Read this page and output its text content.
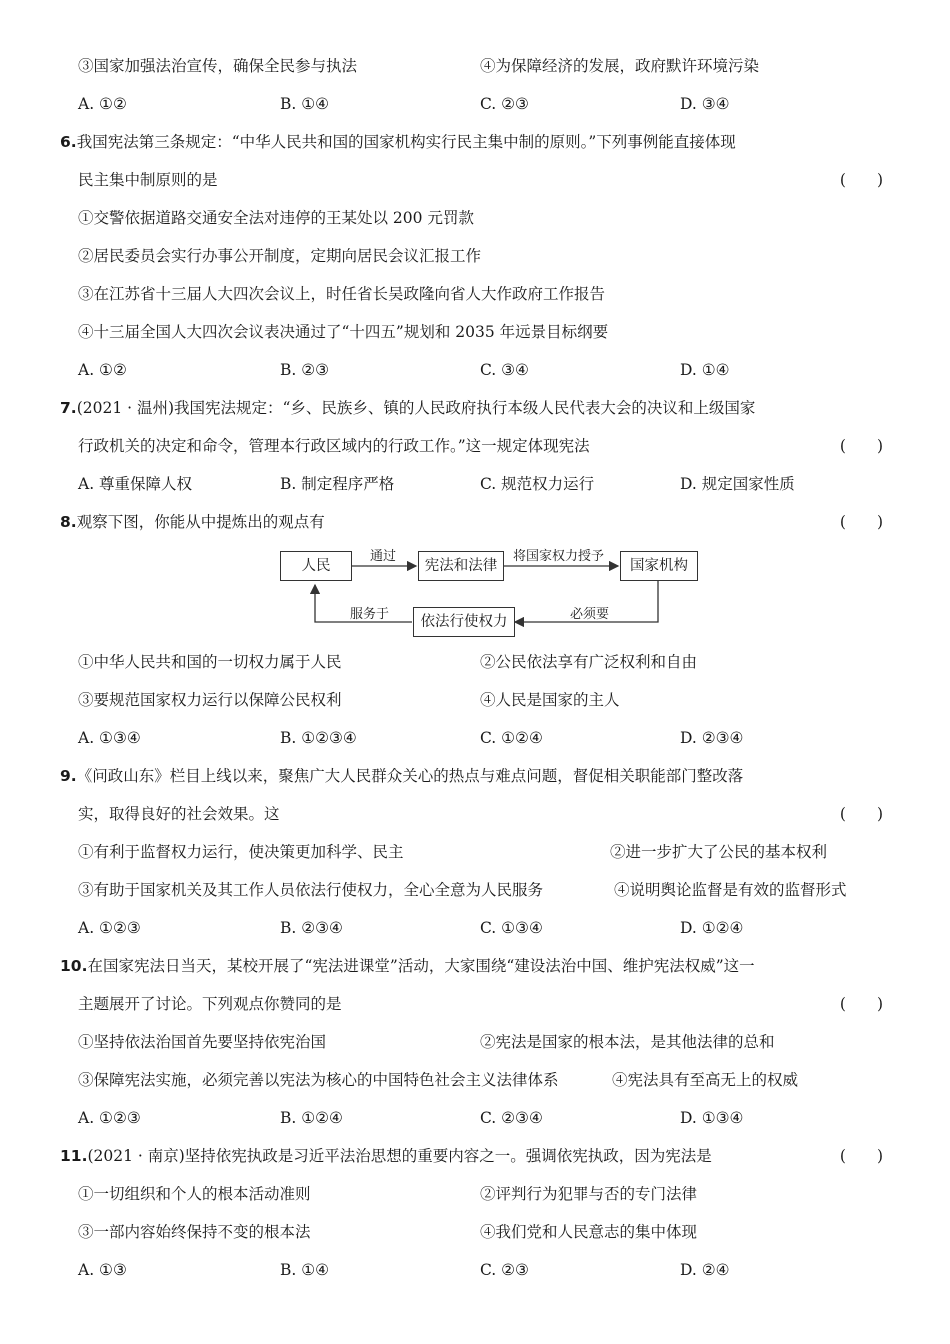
③国家加强法治宣传，确保全民参与执法	④为保障经济的发展，政府默许环境污染
A. ①②	B. ①④	C. ②③	D. ③④
6.我国宪法第三条规定：“中华人民共和国的国家机构实行民主集中制的原则。”下列事例能直接体现
民主集中制原则的是	(　　)
①交警依据道路交通安全法对违停的王某处以 200 元罚款
②居民委员会实行办事公开制度，定期向居民会议汇报工作
③在江苏省十三届人大四次会议上，时任省长吴政隆向省人大作政府工作报告
④十三届全国人大四次会议表决通过了“十四五”规划和 2035 年远景目标纲要
A. ①②	B. ②③	C. ③④	D. ①④
7.(2021 · 温州)我国宪法规定：“乡、民族乡、镇的人民政府执行本级人民代表大会的决议和上级国家
行政机关的决定和命令，管理本行政区域内的行政工作。”这一规定体现宪法	(　　)
A. 尊重保障人权	B. 制定程序严格	C. 规范权力运行	D. 规定国家性质
8.观察下图，你能从中提炼出的观点有	(　　)
人民	宪法和法律	国家机构
依法行使权力
通过	将国家权力授予
必须要
服务于
①中华人民共和国的一切权力属于人民	②公民依法享有广泛权利和自由
③要规范国家权力运行以保障公民权利	④人民是国家的主人
A. ①③④	B. ①②③④	C. ①②④	D. ②③④
9.《问政山东》栏目上线以来，聚焦广大人民群众关心的热点与难点问题，督促相关职能部门整改落
实，取得良好的社会效果。这	(　　)
①有利于监督权力运行，使决策更加科学、民主	②进一步扩大了公民的基本权利
③有助于国家机关及其工作人员依法行使权力，全心全意为人民服务	④说明舆论监督是有效的监督形式
A. ①②③	B. ②③④	C. ①③④	D. ①②④
10.在国家宪法日当天，某校开展了“宪法进课堂”活动，大家围绕“建设法治中国、维护宪法权威”这一
主题展开了讨论。下列观点你赞同的是	(　　)
①坚持依法治国首先要坚持依宪治国	②宪法是国家的根本法，是其他法律的总和
③保障宪法实施，必须完善以宪法为核心的中国特色社会主义法律体系	④宪法具有至高无上的权威
A. ①②③	B. ①②④	C. ②③④	D. ①③④
11.(2021 · 南京)坚持依宪执政是习近平法治思想的重要内容之一。强调依宪执政，因为宪法是	(　　)
①一切组织和个人的根本活动准则	②评判行为犯罪与否的专门法律
③一部内容始终保持不变的根本法	④我们党和人民意志的集中体现
A. ①③	B. ①④	C. ②③	D. ②④
